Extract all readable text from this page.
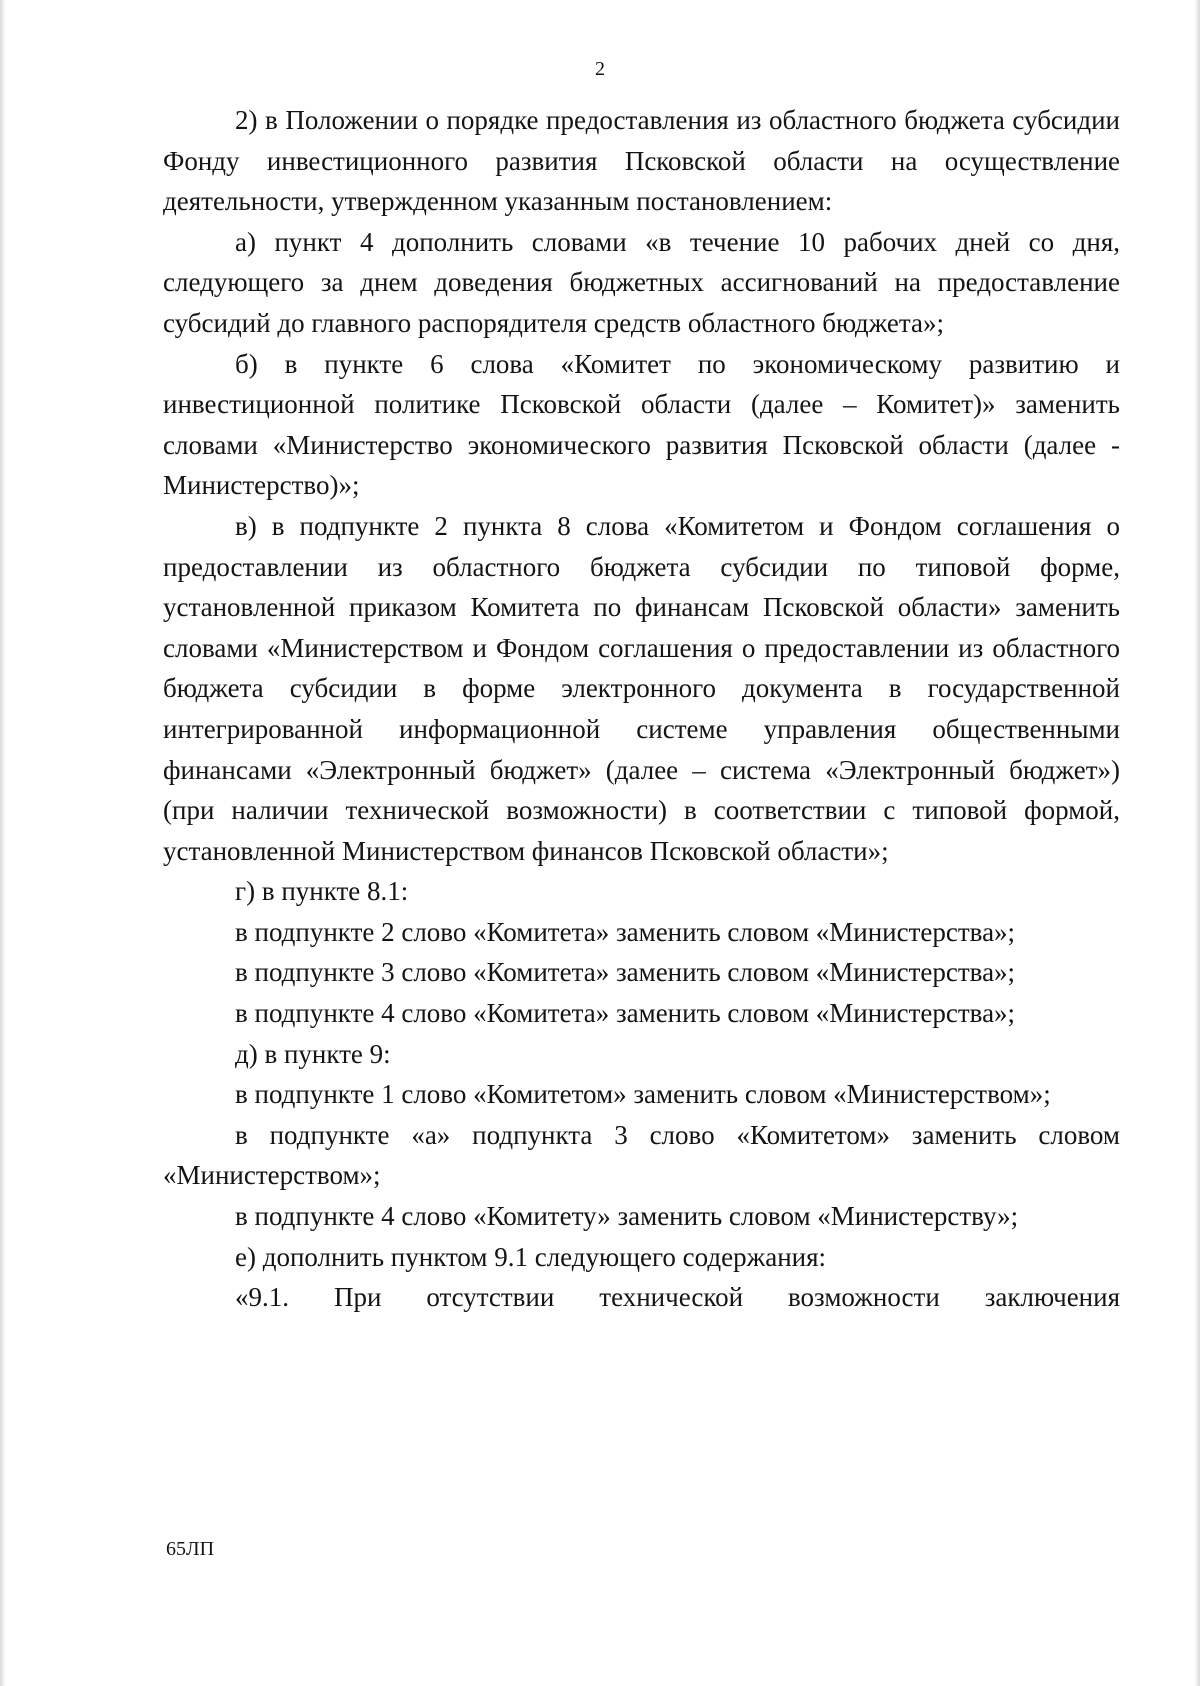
2

2) в Положении о порядке предоставления из областного бюджета субсидии Фонду инвестиционного развития Псковской области на осуществление деятельности, утвержденном указанным постановлением:

а) пункт 4 дополнить словами «в течение 10 рабочих дней со дня, следующего за днем доведения бюджетных ассигнований на предоставление субсидий до главного распорядителя средств областного бюджета»;

б) в пункте 6 слова «Комитет по экономическому развитию и инвестиционной политике Псковской области (далее – Комитет)» заменить словами «Министерство экономического развития Псковской области (далее - Министерство)»;

в) в подпункте 2 пункта 8 слова «Комитетом и Фондом соглашения о предоставлении из областного бюджета субсидии по типовой форме, установленной приказом Комитета по финансам Псковской области» заменить словами «Министерством и Фондом соглашения о предоставлении из областного бюджета субсидии в форме электронного документа в государственной интегрированной информационной системе управления общественными финансами «Электронный бюджет» (далее – система «Электронный бюджет») (при наличии технической возможности) в соответствии с типовой формой, установленной Министерством финансов Псковской области»;

г) в пункте 8.1:

в подпункте 2 слово «Комитета» заменить словом «Министерства»;

в подпункте 3 слово «Комитета» заменить словом «Министерства»;

в подпункте 4 слово «Комитета» заменить словом «Министерства»;

д) в пункте 9:

в подпункте 1 слово «Комитетом» заменить словом «Министерством»;

в подпункте «а» подпункта 3 слово «Комитетом» заменить словом «Министерством»;

в подпункте 4 слово «Комитету» заменить словом «Министерству»;

е) дополнить пунктом 9.1 следующего содержания:

«9.1. При отсутствии технической возможности заключения

65ЛП
